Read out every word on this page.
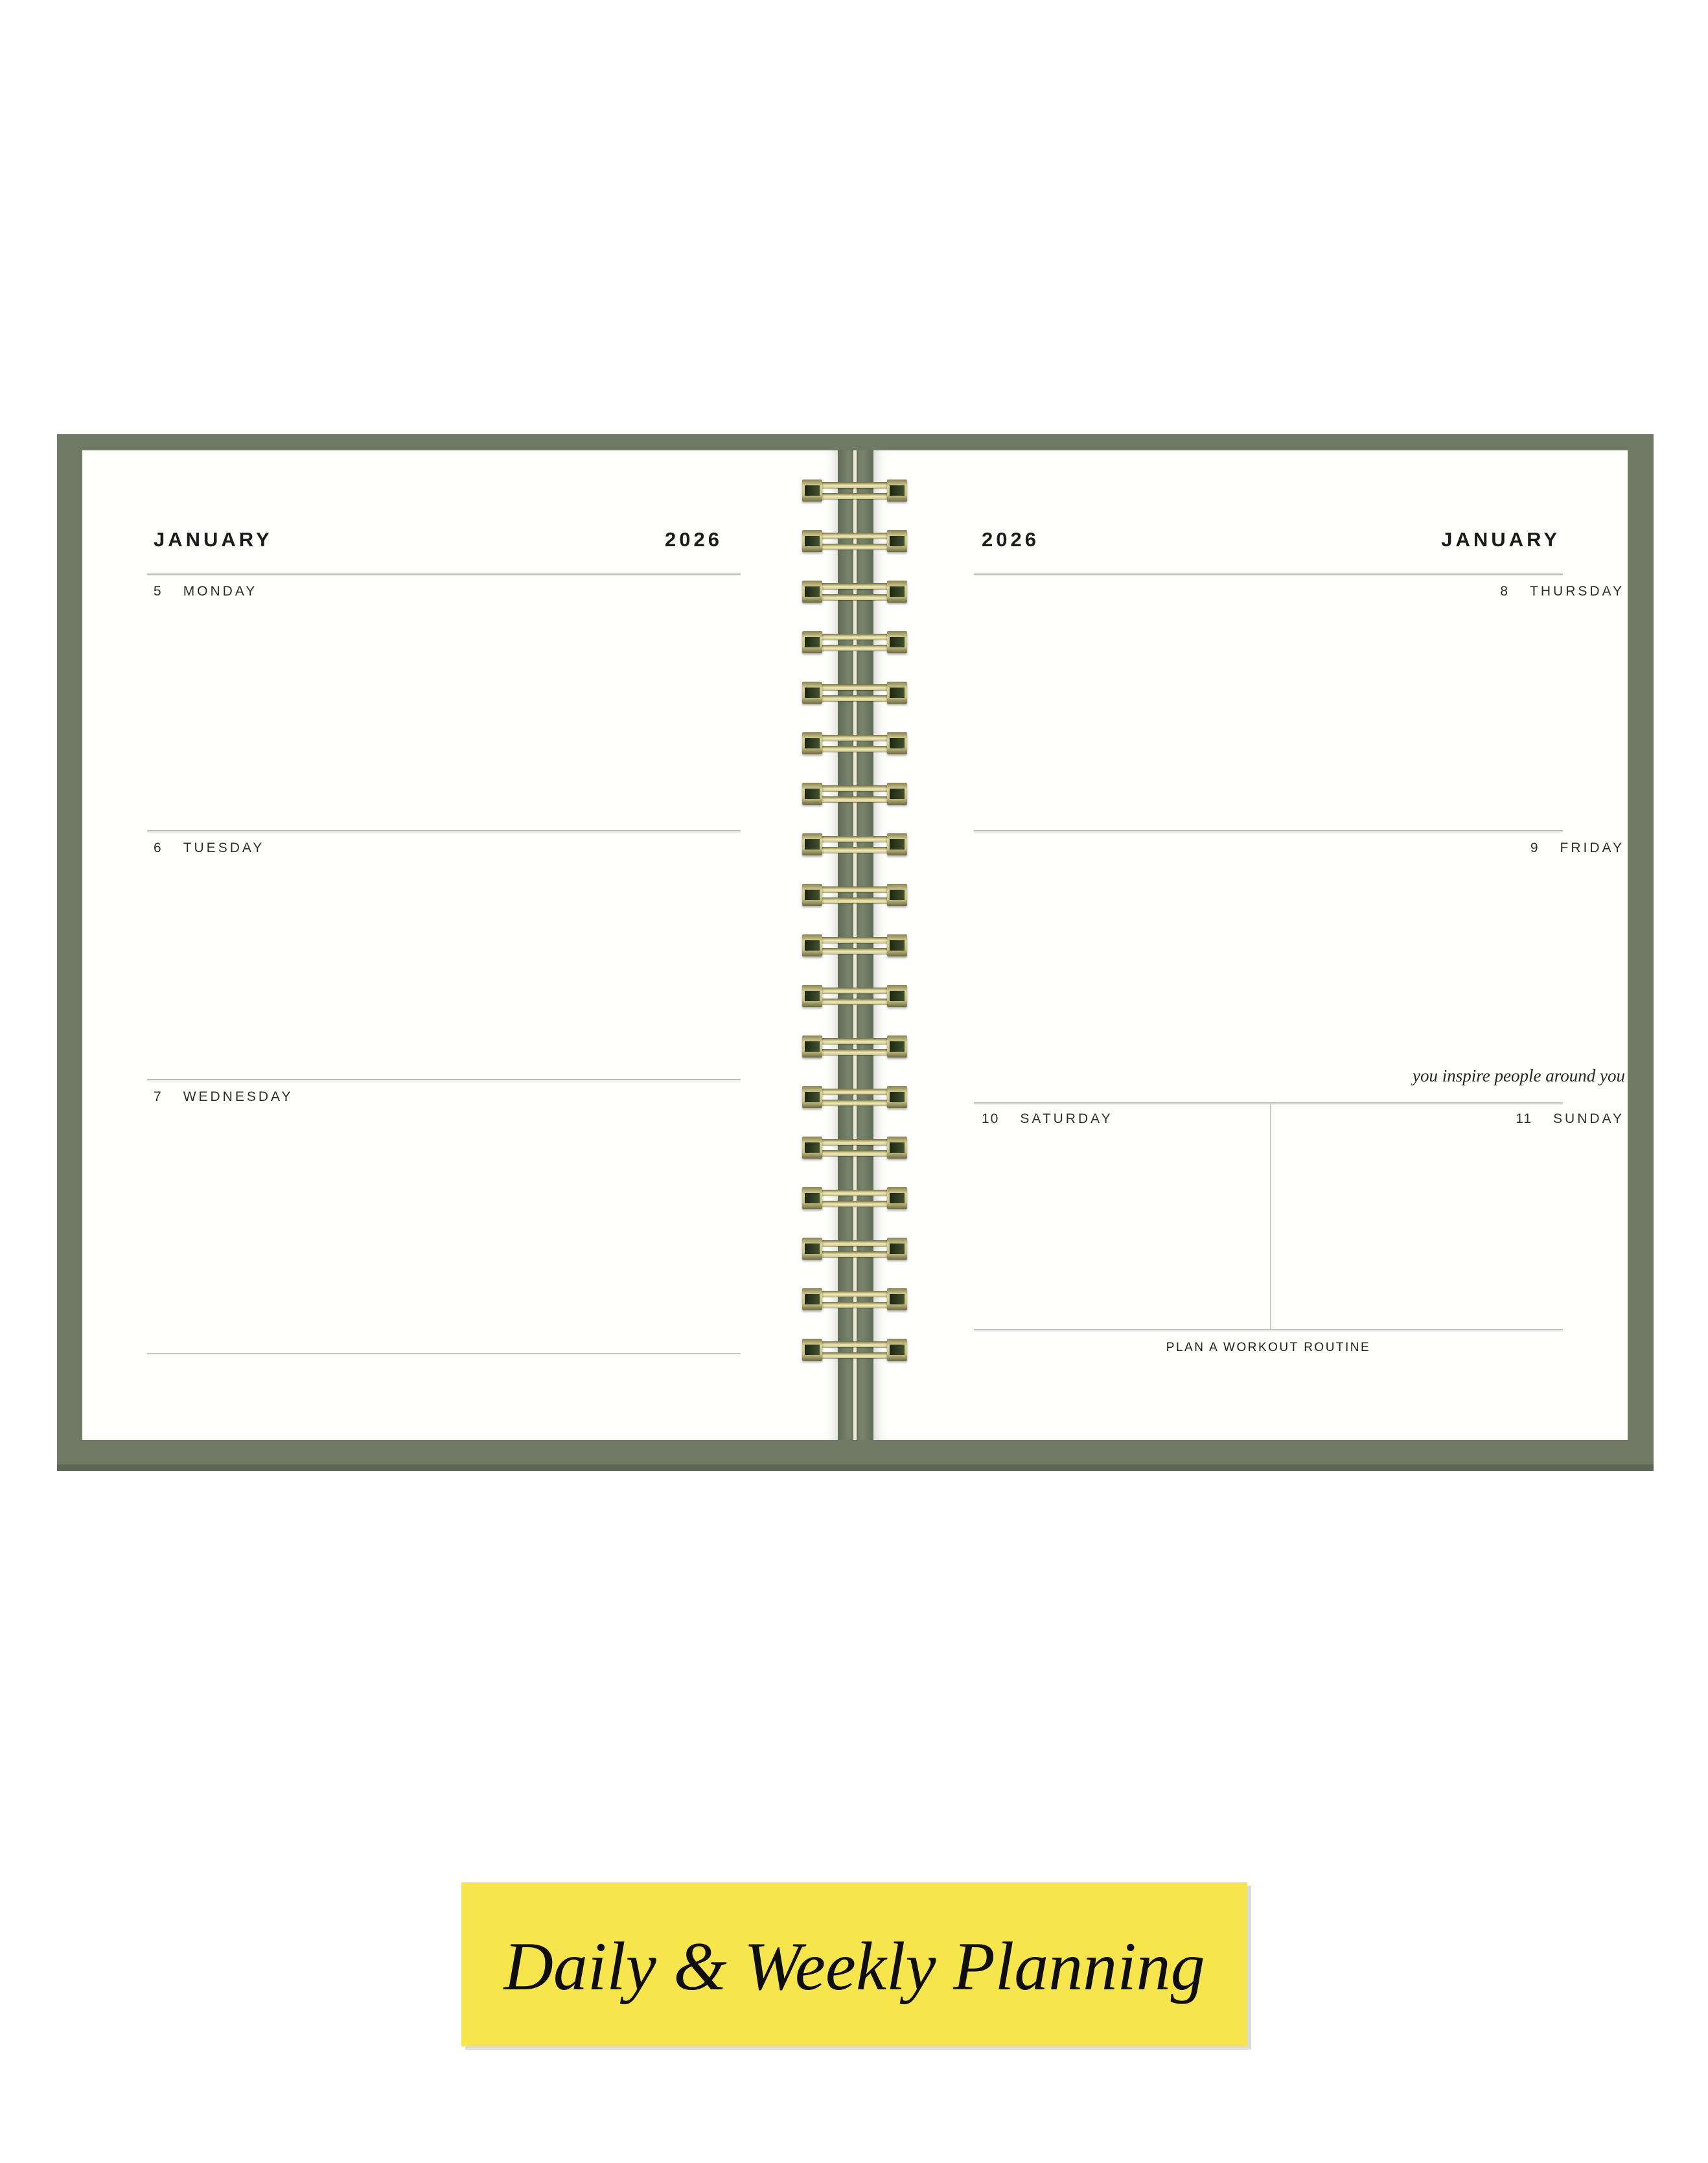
JANUARY	2026
5 MONDAY
6 TUESDAY
7 WEDNESDAY
2026	JANUARY
8 THURSDAY
9 FRIDAY
you inspire people around you
10 SATURDAY	11 SUNDAY
PLAN A WORKOUT ROUTINE
Daily & Weekly Planning
